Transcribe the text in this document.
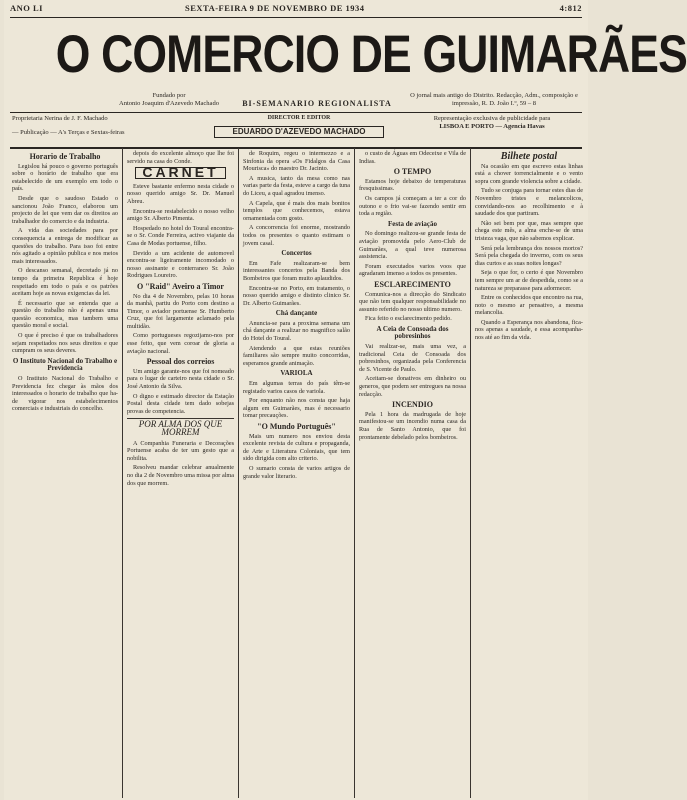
ANO LI	SEXTA-FEIRA 9 DE NOVEMBRO DE 1934	4:812
O COMERCIO DE GUIMARÃES
Fundado por
Antonio Joaquim d'Azevedo Machado	BI-SEMANARIO REGIONALISTA
O jornal mais antigo do Distrito. Redacção, Adm., composição e impressão, R. D. João I.º, 59 – 8
Proprietaria Nerina de J. F. Machado
— Publicação — A's Terças e Sextas-feiras
DIRECTOR E EDITOR
EDUARDO D'AZEVEDO MACHADO
Representação exclusiva de publicidade para
LISBOA E PORTO — Agencia Havas
Horario de Trabalho

Legislou há pouco o governo português sobre o horário de trabalho que era estabelecido de um exemplo em todo o país.

Desde que o saudoso Estado o sancionou João Franco, elaborou um projecto de lei que vem dar os direitos ao trabalhador do comercio e da industria.

A vida das sociedades para por consequencia a entrega de modificar as questões do trabalho. Para isso foi entre nós agitado a opinião publica e nos meios mais interessados.

O descanso semanal, decretado já no tempo da primeira Republica é hoje respeitado em todo o país e os patrões aceitam hoje as novas exigencias da lei.

É necessario que se entenda que a questão do trabalho não é apenas uma questão economica, mas tambem uma questão moral e social.

O que é preciso é que os trabalhadores sejam respeitados nos seus direitos e que cumpram os seus deveres.

O Instituto Nacional do Trabalho e Previdencia

O Instituto Nacional do Trabalho e Previdencia fez chegar às mãos dos interessados o horario de trabalho que ha-de vigorar nos estabelecimentos comerciais e industriais do concelho.

depois do excelente almoço que lhe foi servido na casa do Conde.

CARNET

Esteve bastante enfermo nesta cidade o nosso querido amigo Sr. Dr. Manuel Abreu.

Encontra-se restabelecido o nosso velho amigo Sr. Alberto Pimenta.

Hospedado no hotel do Toural encontra-se o Sr. Conde Ferreira, activo viajante da Casa de Modas portuense, filho.

Devido a um acidente de automovel encontra-se ligeiramente incomodado o nosso assinante e conterraneo Sr. João Rodrigues Loureiro.

O "Raid" Aveiro a Timor

No dia 4 de Novembro, pelas 10 horas da manhã, partiu do Porto com destino a Timor, o aviador portuense Sr. Humberto Cruz, que foi largamente aclamado pela multidão.

Como portugueses regozijamo-nos por esse feito, que vem coroar de gloria a aviação nacional.

Pessoal dos correios

Um amigo garante-nos que foi nomeado para o lugar de carteiro nesta cidade o Sr. José Antonio da Silva.

O digno e estimado director da Estação Postal desta cidade tem dado sobejas provas de competencia.

POR ALMA DOS QUE MORREM

A Companhia Funeraria e Decorações Portuense acaba de ter um gesto que a nobilita.

Resolveu mandar celebrar anualmente no dia 2 de Novembro uma missa por alma dos que morrem.

de Roquim, regeu o intermezzo e a Sinfonia da opera «Os Fidalgos da Casa Mourisca» do maestro Dr. Jacinto.

A musica, tanto da mesa como nas varias parte da festa, esteve a cargo da tuna do Liceu, a qual agradou imenso.

A Capela, que é mais dos mais bonitos templos que conhecemos, estava ornamentada com gosto.

A concorrencia foi enorme, mostrando todos os presentes o quanto estimam o jovem casal.

Concertos

Em Fafe realizaram-se bem interessantes concertos pela Banda dos Bombeiros que foram muito aplaudidos.

Encontra-se no Porto, em tratamento, o nosso querido amigo e distinto clinico Sr. Dr. Alberto Guimarães.

Chá dançante

Anuncia-se para a proxima semana um chá dançante a realizar no magnifico salão do Hotel do Toural.

Atendendo a que estas reuniões familiares são sempre muito concorridas, esperamos grande animação.

VARIOLA

Em algumas terras do país têm-se registado varios casos de variola.

Por enquanto não nos consta que haja algum em Guimarães, mas é necessario tomar precauções.

"O Mundo Português"

Mais um numero nos enviou desta excelente revista de cultura e propaganda, de Arte e Literatura Coloniais, que tem sido dirigida com alto criterio.

O sumario consta de varios artigos de grande valor literario.

o custo de Águas em Odeceixe e Vila de Indias.

O TEMPO

Estamos hoje debaixo de temperaturas fresquissimas.

Os campos já começam a ter a cor do outono e o frio vai-se fazendo sentir em toda a região.

Festa de aviação

No domingo realizou-se grande festa de aviação promovida pelo Aero-Club de Guimarães, a qual teve numerosa assistencia.

Foram executados varios voos que agradaram imenso a todos os presentes.

ESCLARECIMENTO

Comunica-nos a direcção do Sindicato que não tem qualquer responsabilidade no assunto referido no nosso ultimo numero.

Fica feito o esclarecimento pedido.

A Ceia de Consoada dos pobresinhos

Vai realizar-se, mais uma vez, a tradicional Ceia de Consoada dos pobresinhos, organizada pela Conferencia de S. Vicente de Paulo.

Aceitam-se donativos em dinheiro ou generos, que podem ser entregues na nossa redacção.

INCENDIO

Pela 1 hora da madrugada de hoje manifestou-se um incendio numa casa da Rua de Santo Antonio, que foi prontamente debelado pelos bombeiros.

Bilhete postal

Na ocasião em que escrevo estas linhas está a chover torrencialmente e o vento sopra com grande violencia sobre a cidade.

Tudo se conjuga para tornar estes dias de Novembro tristes e melancolicos, convidando-nos ao recolhimento e à saudade dos que partiram.

Não sei bem por que, mas sempre que chega este mês, a alma enche-se de uma tristeza vaga, que não sabemos explicar.

Será pela lembrança dos nossos mortos? Será pela chegada do inverno, com os seus dias curtos e as suas noites longas?

Seja o que for, o certo é que Novembro tem sempre um ar de despedida, como se a natureza se preparasse para adormecer.

Entre os conhecidos que encontro na rua, noto o mesmo ar pensativo, a mesma melancolia.

Quando a Esperança nos abandona, fica-nos apenas a saudade, e essa acompanha-nos até ao fim da vida.
